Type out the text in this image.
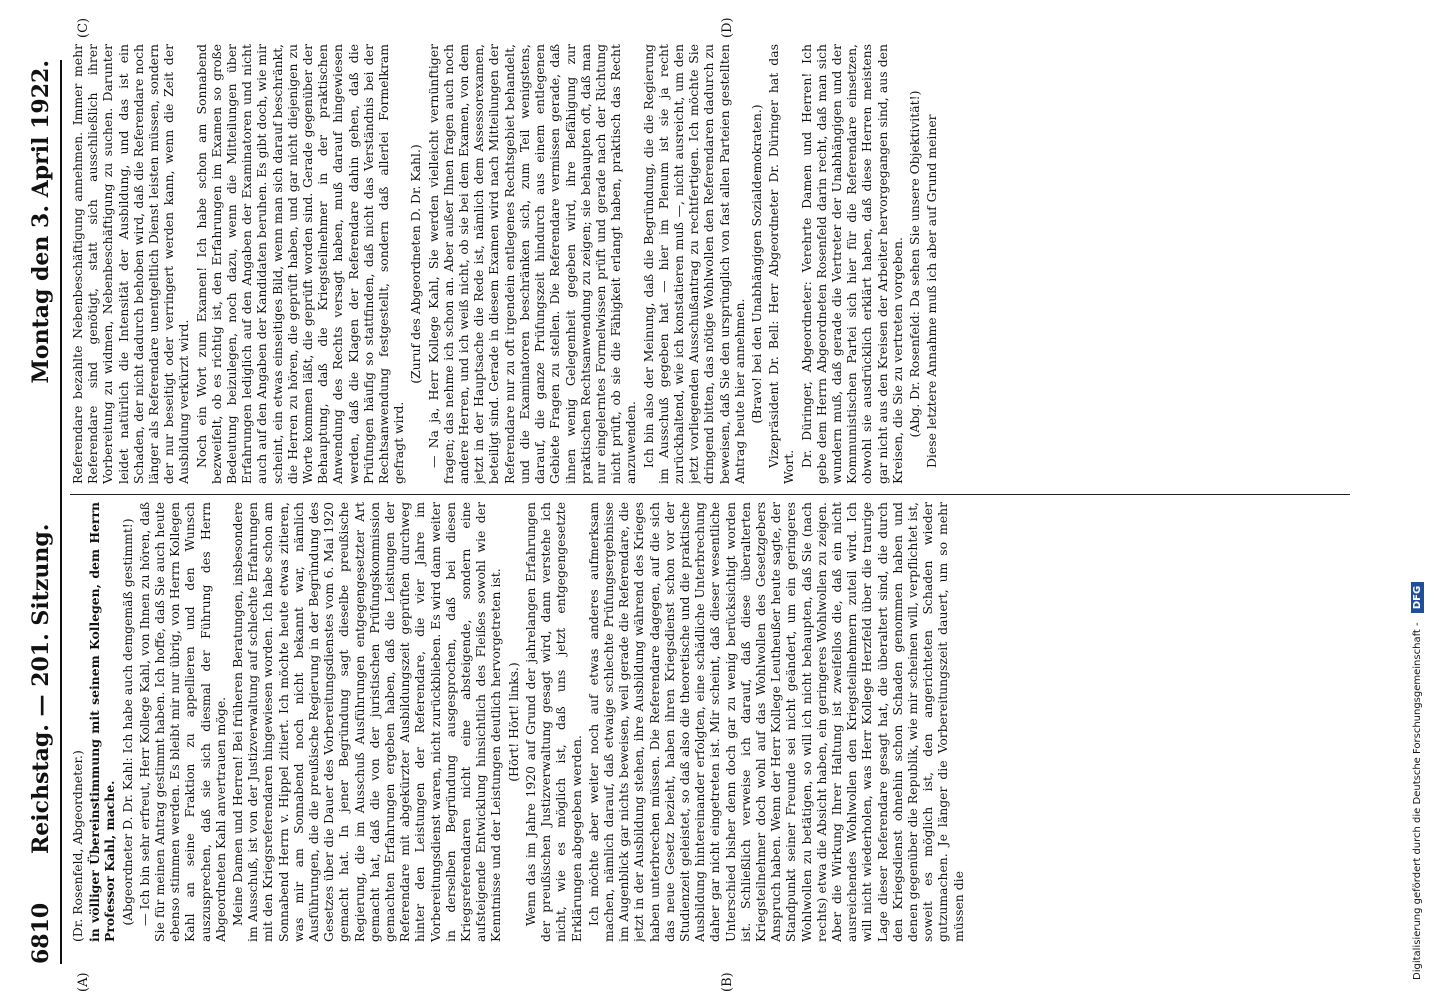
6810
Reichstag. — 201. Sitzung.
Montag den 3. April 1922.
(A)	(B)
(C)	(D)

(Dr. Rosenfeld, Abgeordneter.) in völliger Übereinstimmung mit seinem Kollegen, dem Herrn Professor Kahl, mache. (Abgeordneter D. Dr. Kahl: Ich habe auch demgemäß gestimmt!) — Ich bin sehr erfreut, Herr Kollege Kahl, von Ihnen zu hören, daß Sie für meinen Antrag gestimmt haben. Ich hoffe, daß Sie auch heute ebenso stimmen werden. Es bleibt mir nur übrig, von Herrn Kollegen Kahl an seine Fraktion zu appellieren und den Wunsch auszusprechen, daß sie sich diesmal der Führung des Herrn Abgeordneten Kahl anvertrauen möge. Meine Damen und Herren! Bei früheren Beratungen, insbesondere im Ausschuß, ist von der Justizverwaltung auf schlechte Erfahrungen mit den Kriegsreferendaren hingewiesen worden. Ich habe schon am Sonnabend Herrn v. Hippel zitiert. Ich möchte heute etwas zitieren, was mir am Sonnabend noch nicht bekannt war, nämlich Ausführungen, die die preußische Regierung in der Begründung des Gesetzes über die Dauer des Vorbereitungsdienstes vom 6. Mai 1920 gemacht hat. In jener Begründung sagt dieselbe preußische Regierung, die im Ausschuß Ausführungen entgegengesetzter Art gemacht hat, daß die von der juristischen Prüfungskommission gemachten Erfahrungen ergeben haben, daß die Leistungen der Referendare mit abgekürzter Ausbildungszeit geprüften durchweg hinter den Leistungen der Referendare, die vier Jahre im Vorbereitungsdienst waren, nicht zurückblieben. Es wird dann weiter in derselben Begründung ausgesprochen, daß bei diesen Kriegsreferendaren nicht eine absteigende, sondern eine aufsteigende Entwicklung hinsichtlich des Fleißes sowohl wie der Kenntnisse und der Leistungen deutlich hervorgetreten ist. (Hört! Hört! links.) Wenn das im Jahre 1920 auf Grund der jahrelangen Erfahrungen der preußischen Justizverwaltung gesagt wird, dann verstehe ich nicht, wie es möglich ist, daß uns jetzt entgegengesetzte Erklärungen abgegeben werden. Ich möchte aber weiter noch auf etwas anderes aufmerksam machen, nämlich darauf, daß etwaige schlechte Prüfungsergebnisse im Augenblick gar nichts beweisen, weil gerade die Referendare, die jetzt in der Ausbildung stehen, ihre Ausbildung während des Krieges haben unterbrechen müssen. Die Referendare dagegen, auf die sich das neue Gesetz bezieht, haben ihren Kriegsdienst schon vor der Studienzeit geleistet, so daß also die theoretische und die praktische Ausbildung hintereinander erfolgten, eine schädliche Unterbrechung daher gar nicht eingetreten ist. Mir scheint, daß dieser wesentliche Unterschied bisher denn doch gar zu wenig berücksichtigt worden ist. Schließlich verweise ich darauf, daß diese überalterten Kriegsteilnehmer doch wohl auf das Wohlwollen des Gesetzgebers Anspruch haben. Wenn der Herr Kollege Leutheußer heute sagte, der Standpunkt seiner Freunde sei nicht geändert, um ein geringeres Wohlwollen zu betätigen, so will ich nicht behaupten, daß Sie (nach rechts) etwa die Absicht haben, ein geringeres Wohlwollen zu zeigen. Aber die Wirkung Ihrer Haltung ist zweifellos die, daß ein nicht ausreichendes Wohlwollen den Kriegsteilnehmern zuteil wird. Ich will nicht wiederholen, was Herr Kollege Herzfeld über die traurige Lage dieser Referendare gesagt hat, die überaltert sind, die durch den Kriegsdienst ohnehin schon Schaden genommen haben und denen gegenüber die Republik, wie mir scheinen will, verpflichtet ist, soweit es möglich ist, den angerichteten Schaden wieder gutzumachen. Je länger die Vorbereitungszeit dauert, um so mehr müssen die

Referendare bezahlte Nebenbeschäftigung annehmen. Immer mehr Referendare sind genötigt, statt sich ausschließlich ihrer Vorbereitung zu widmen, Nebenbeschäftigung zu suchen. Darunter leidet natürlich die Intensität der Ausbildung, und das ist ein Schaden, der nicht dadurch behoben wird, daß die Referendare noch länger als Referendare unentgeltlich Dienst leisten müssen, sondern der nur beseitigt oder verringert werden kann, wenn die Zeit der Ausbildung verkürzt wird. Noch ein Wort zum Examen! Ich habe schon am Sonnabend bezweifelt, ob es richtig ist, den Erfahrungen im Examen so große Bedeutung beizulegen, noch dazu, wenn die Mitteilungen über Erfahrungen lediglich auf den Angaben der Examinatoren und nicht auch auf den Angaben der Kandidaten beruhen. Es gibt doch, wie mir scheint, ein etwas einseitiges Bild, wenn man sich darauf beschränkt, die Herren zu hören, die geprüft haben, und gar nicht diejenigen zu Worte kommen läßt, die geprüft worden sind. Gerade gegenüber der Behauptung, daß die Kriegsteilnehmer in der praktischen Anwendung des Rechts versagt haben, muß darauf hingewiesen werden, daß die Klagen der Referendare dahin gehen, daß die Prüfungen häufig so stattfinden, daß nicht das Verständnis bei der Rechtsanwendung festgestellt, sondern daß allerlei Formelkram gefragt wird.

(Zuruf des Abgeordneten D. Dr. Kahl.) — Na ja, Herr Kollege Kahl, Sie werden vielleicht vernünftiger fragen; das nehme ich schon an. Aber außer Ihnen fragen auch noch andere Herren, und ich weiß nicht, ob sie bei dem Examen, von dem jetzt in der Hauptsache die Rede ist, nämlich dem Assessorexamen, beteiligt sind. Gerade in diesem Examen wird nach Mitteilungen der Referendare nur zu oft irgendein entlegenes Rechtsgebiet behandelt, und die Examinatoren beschränken sich, zum Teil wenigstens, darauf, die ganze Prüfungszeit hindurch aus einem entlegenen Gebiete Fragen zu stellen. Die Referendare vermissen gerade, daß ihnen wenig Gelegenheit gegeben wird, ihre Befähigung zur praktischen Rechtsanwendung zu zeigen; sie behaupten oft, daß man nur eingelerntes Formelwissen prüft und gerade nach der Richtung nicht prüft, ob sie die Fähigkeit erlangt haben, praktisch das Recht anzuwenden. Ich bin also der Meinung, daß die Begründung, die die Regierung im Ausschuß gegeben hat — hier im Plenum ist sie ja recht zurückhaltend, wie ich konstatieren muß —, nicht ausreicht, um den jetzt vorliegenden Ausschußantrag zu rechtfertigen. Ich möchte Sie dringend bitten, das nötige Wohlwollen den Referendaren dadurch zu beweisen, daß Sie den ursprünglich von fast allen Parteien gestellten Antrag heute hier annehmen. (Bravo! bei den Unabhängigen Sozialdemokraten.) Vizepräsident Dr. Bell: Herr Abgeordneter Dr. Düringer hat das Wort. Dr. Düringer, Abgeordneter: Verehrte Damen und Herren! Ich gebe dem Herrn Abgeordneten Rosenfeld darin recht, daß man sich wundern muß, daß gerade die Vertreter der Unabhängigen und der Kommunistischen Partei sich hier für die Referendare einsetzen, obwohl sie ausdrücklich erklärt haben, daß diese Herren meistens gar nicht aus den Kreisen der Arbeiter hervorgegangen sind, aus den Kreisen, die Sie zu vertreten vorgeben. (Abg. Dr. Rosenfeld: Da sehen Sie unsere Objektivität!) Diese letztere Annahme muß ich aber auf Grund meiner

Digitalisierung gefördert durch die Deutsche Forschungsgemeinschaft - DFG
